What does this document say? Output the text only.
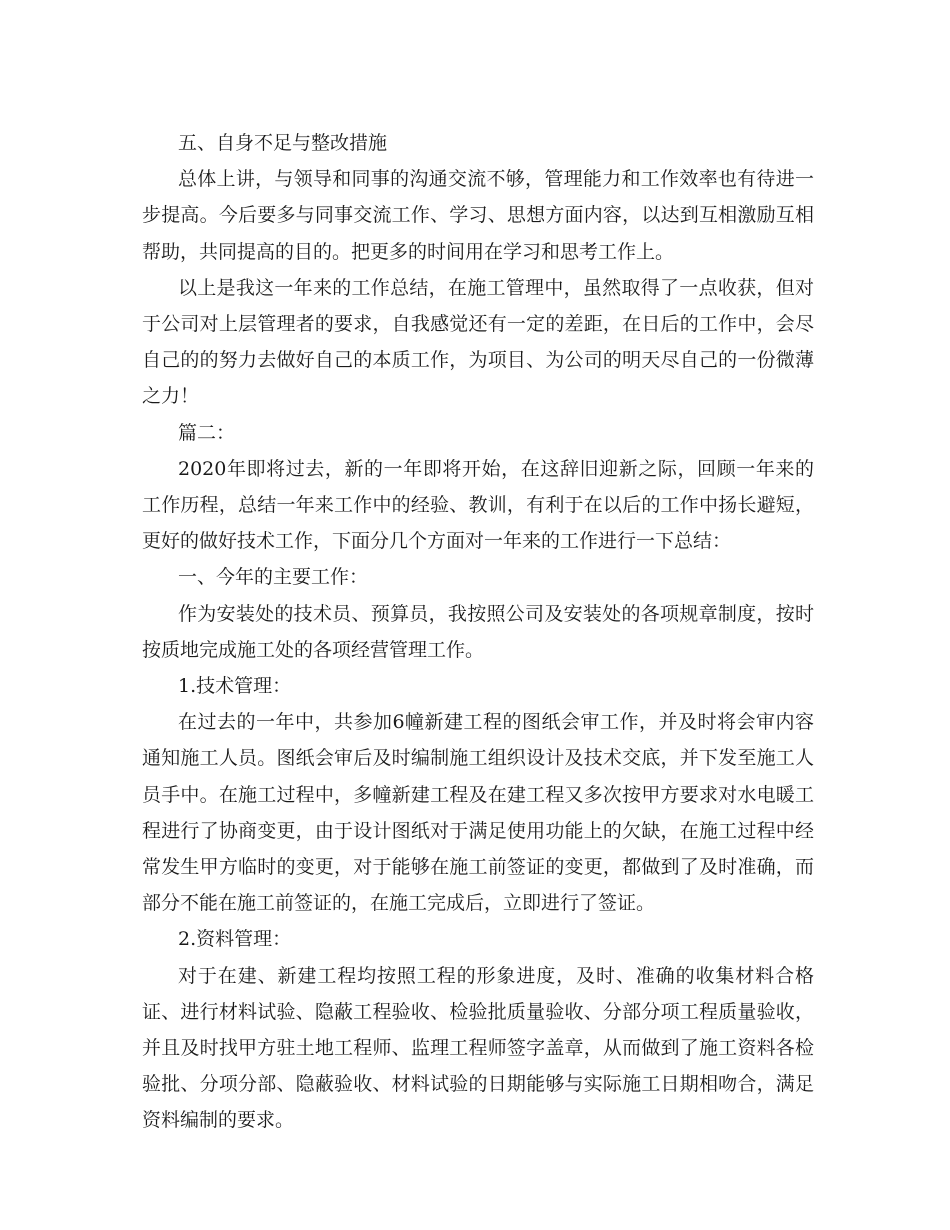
五、自身不足与整改措施

总体上讲，与领导和同事的沟通交流不够，管理能力和工作效率也有待进一步提高。今后要多与同事交流工作、学习、思想方面内容，以达到互相激励互相帮助，共同提高的目的。把更多的时间用在学习和思考工作上。

以上是我这一年来的工作总结，在施工管理中，虽然取得了一点收获，但对于公司对上层管理者的要求，自我感觉还有一定的差距，在日后的工作中，会尽自己的的努力去做好自己的本质工作，为项目、为公司的明天尽自己的一份微薄之力！

篇二：

2020年即将过去，新的一年即将开始，在这辞旧迎新之际，回顾一年来的工作历程，总结一年来工作中的经验、教训，有利于在以后的工作中扬长避短，更好的做好技术工作，下面分几个方面对一年来的工作进行一下总结：

一、今年的主要工作：

作为安装处的技术员、预算员，我按照公司及安装处的各项规章制度，按时按质地完成施工处的各项经营管理工作。

1.技术管理：

在过去的一年中，共参加6幢新建工程的图纸会审工作，并及时将会审内容通知施工人员。图纸会审后及时编制施工组织设计及技术交底，并下发至施工人员手中。在施工过程中，多幢新建工程及在建工程又多次按甲方要求对水电暖工程进行了协商变更，由于设计图纸对于满足使用功能上的欠缺，在施工过程中经常发生甲方临时的变更，对于能够在施工前签证的变更，都做到了及时准确，而部分不能在施工前签证的，在施工完成后，立即进行了签证。

2.资料管理：

对于在建、新建工程均按照工程的形象进度，及时、准确的收集材料合格证、进行材料试验、隐蔽工程验收、检验批质量验收、分部分项工程质量验收，并且及时找甲方驻土地工程师、监理工程师签字盖章，从而做到了施工资料各检验批、分项分部、隐蔽验收、材料试验的日期能够与实际施工日期相吻合，满足资料编制的要求。
